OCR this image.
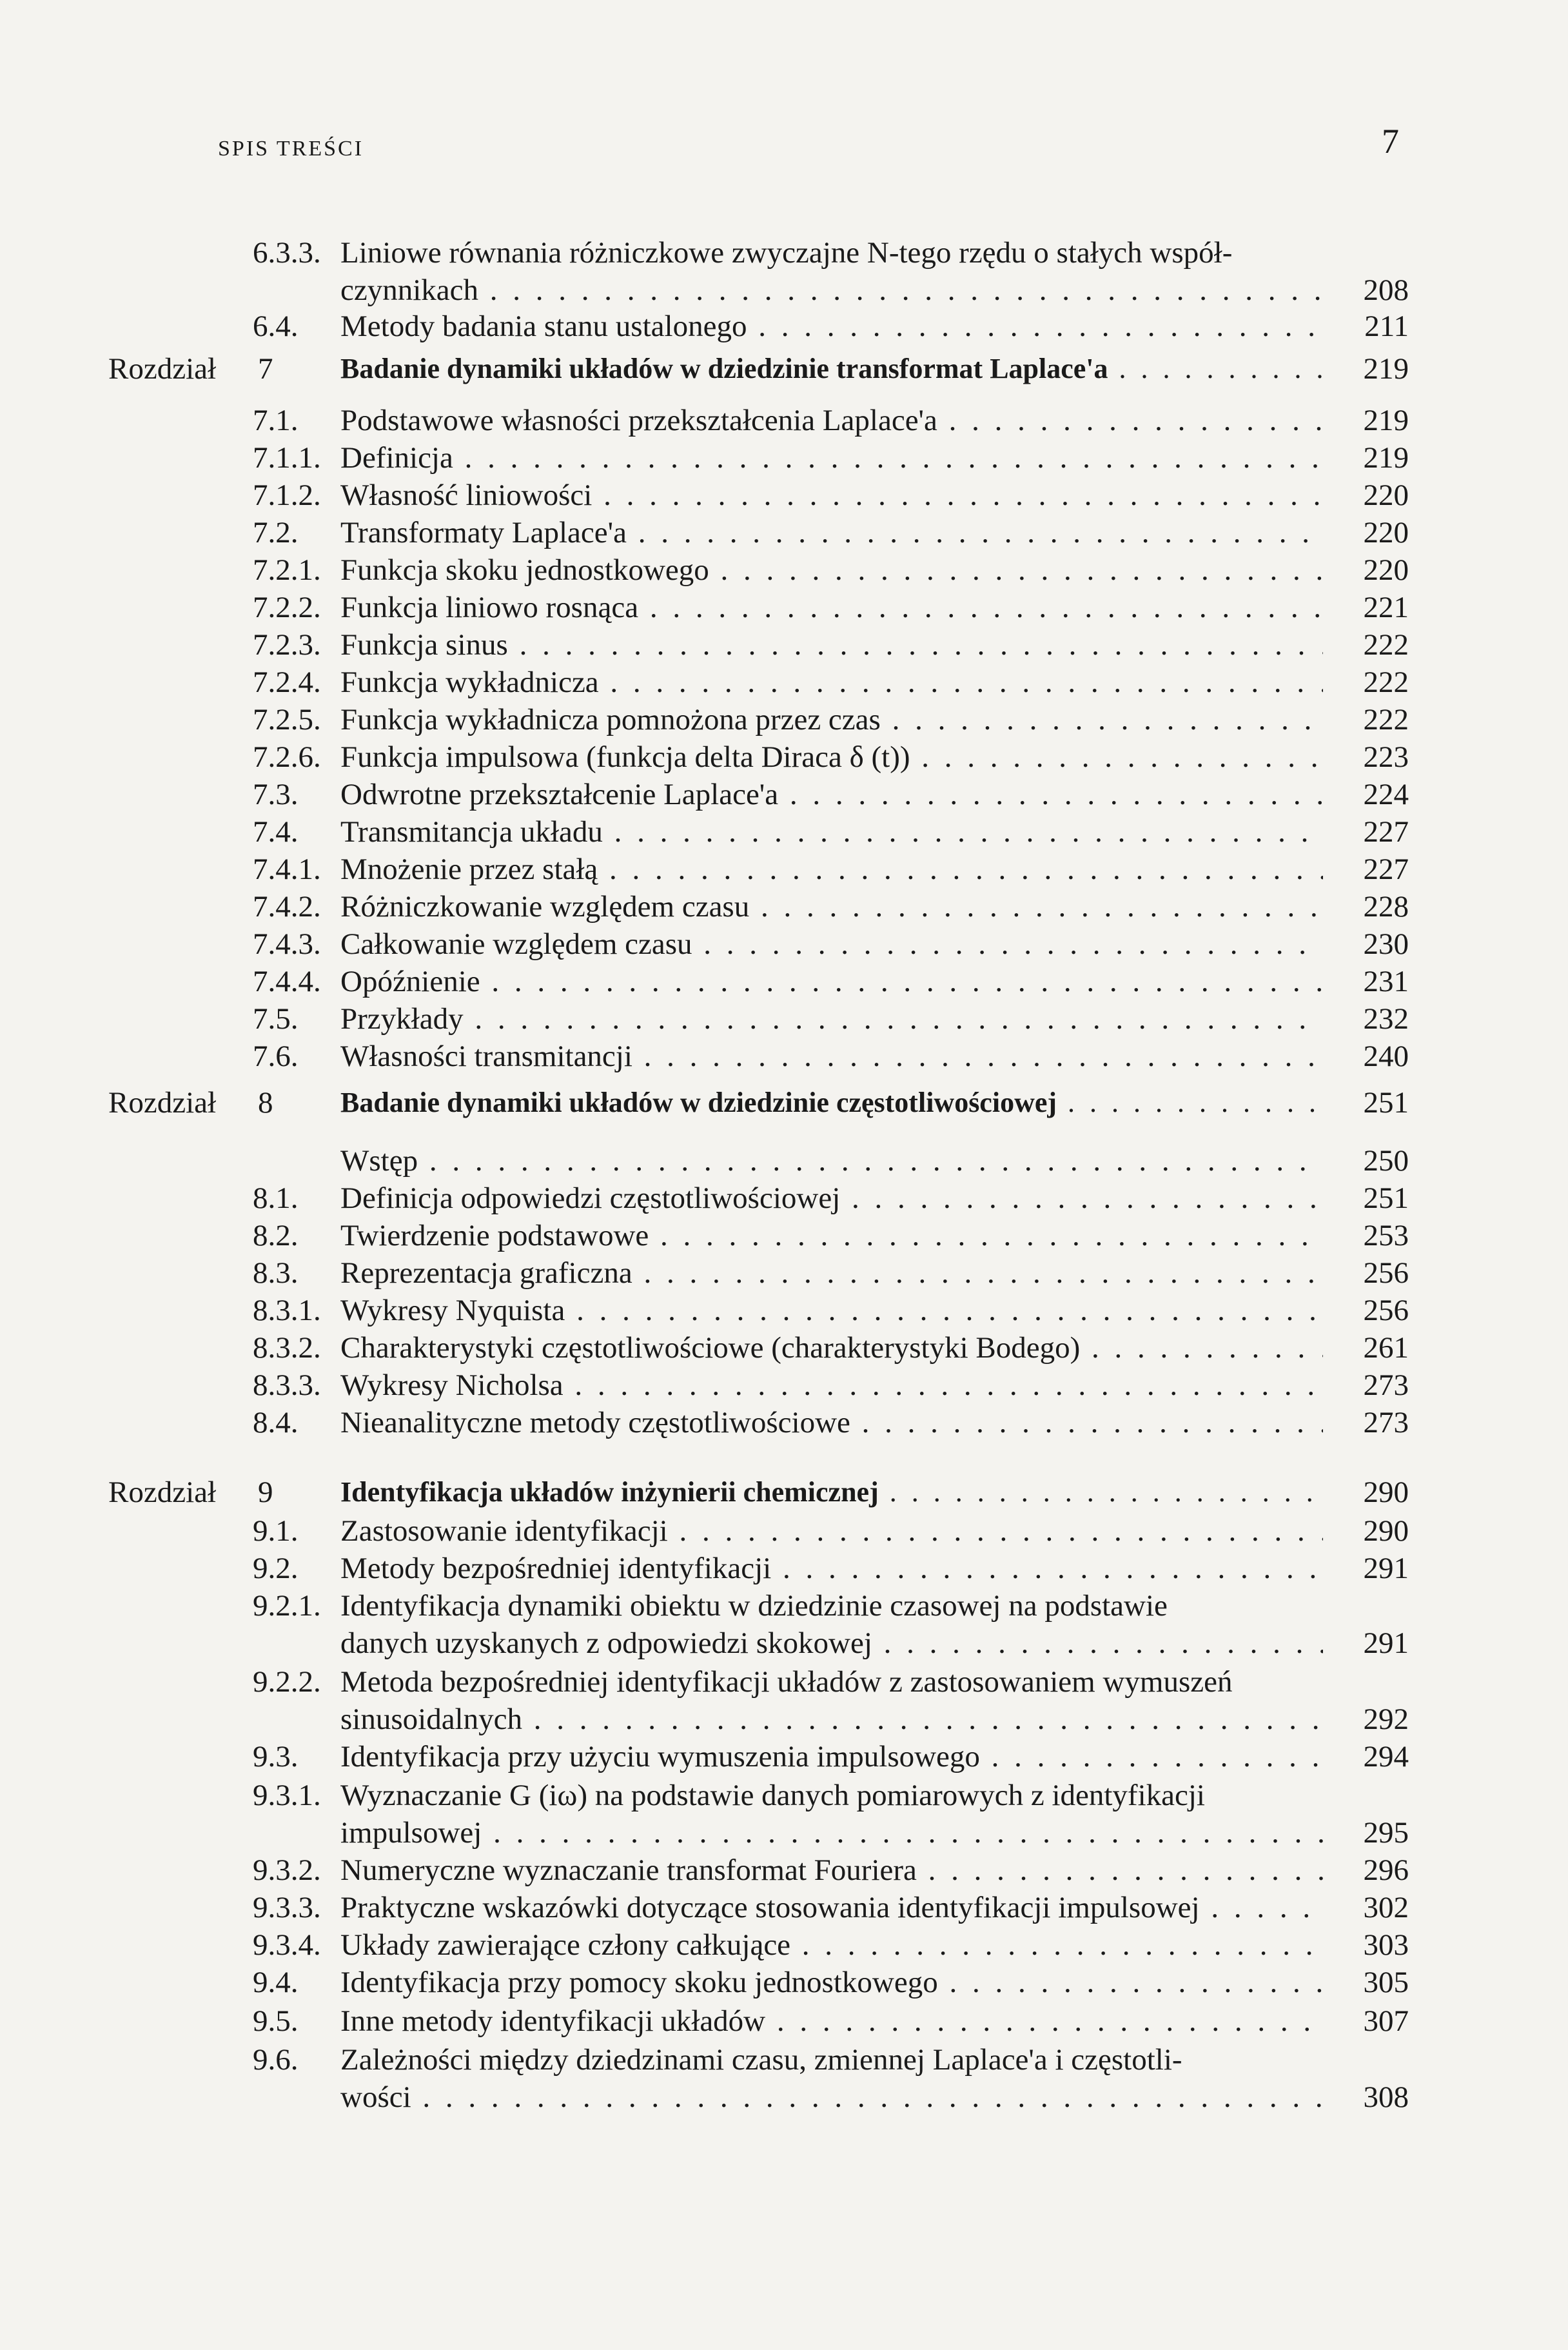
SPIS TREŚCI	7
6.3.3. Liniowe równania różniczkowe zwyczajne N-tego rzędu o stałych współ-
czynnikach . . .	208
6.4. Metody badania stanu ustalonego . . .	211
Rozdział 7 Badanie dynamiki układów w dziedzinie transformat Laplace'a . . .	219
7.1. Podstawowe własności przekształcenia Laplace'a . . .	219
7.1.1. Definicja . . .	219
7.1.2. Własność liniowości . . .	220
7.2. Transformaty Laplace'a . . .	220
7.2.1. Funkcja skoku jednostkowego . . .	220
7.2.2. Funkcja liniowo rosnąca . . .	221
7.2.3. Funkcja sinus . . .	222
7.2.4. Funkcja wykładnicza . . .	222
7.2.5. Funkcja wykładnicza pomnożona przez czas . . .	222
7.2.6. Funkcja impulsowa (funkcja delta Diraca δ (t)) . . .	223
7.3. Odwrotne przekształcenie Laplace'a . . .	224
7.4. Transmitancja układu . . .	227
7.4.1. Mnożenie przez stałą . . .	227
7.4.2. Różniczkowanie względem czasu . . .	228
7.4.3. Całkowanie względem czasu . . .	230
7.4.4. Opóźnienie . . .	231
7.5. Przykłady . . .	232
7.6. Własności transmitancji . . .	240
Rozdział 8 Badanie dynamiki układów w dziedzinie częstotliwościowej . . .	251
Wstęp . . .	250
8.1. Definicja odpowiedzi częstotliwościowej . . .	251
8.2. Twierdzenie podstawowe . . .	253
8.3. Reprezentacja graficzna . . .	256
8.3.1. Wykresy Nyquista . . .	256
8.3.2. Charakterystyki częstotliwościowe (charakterystyki Bodego) . . .	261
8.3.3. Wykresy Nicholsa . . .	273
8.4. Nieanalityczne metody częstotliwościowe . . .	273
Rozdział 9 Identyfikacja układów inżynierii chemicznej . . .	290
9.1. Zastosowanie identyfikacji . . .	290
9.2. Metody bezpośredniej identyfikacji . . .	291
9.2.1. Identyfikacja dynamiki obiektu w dziedzinie czasowej na podstawie
danych uzyskanych z odpowiedzi skokowej . . .	291
9.2.2. Metoda bezpośredniej identyfikacji układów z zastosowaniem wymuszeń
sinusoidalnych . . .	292
9.3. Identyfikacja przy użyciu wymuszenia impulsowego . . .	294
9.3.1. Wyznaczanie G (iω) na podstawie danych pomiarowych z identyfikacji
impulsowej . . .	295
9.3.2. Numeryczne wyznaczanie transformat Fouriera . . .	296
9.3.3. Praktyczne wskazówki dotyczące stosowania identyfikacji impulsowej . . .	302
9.3.4. Układy zawierające człony całkujące . . .	303
9.4. Identyfikacja przy pomocy skoku jednostkowego . . .	305
9.5. Inne metody identyfikacji układów . . .	307
9.6. Zależności między dziedzinami czasu, zmiennej Laplace'a i częstotli-
wości . . .	308
